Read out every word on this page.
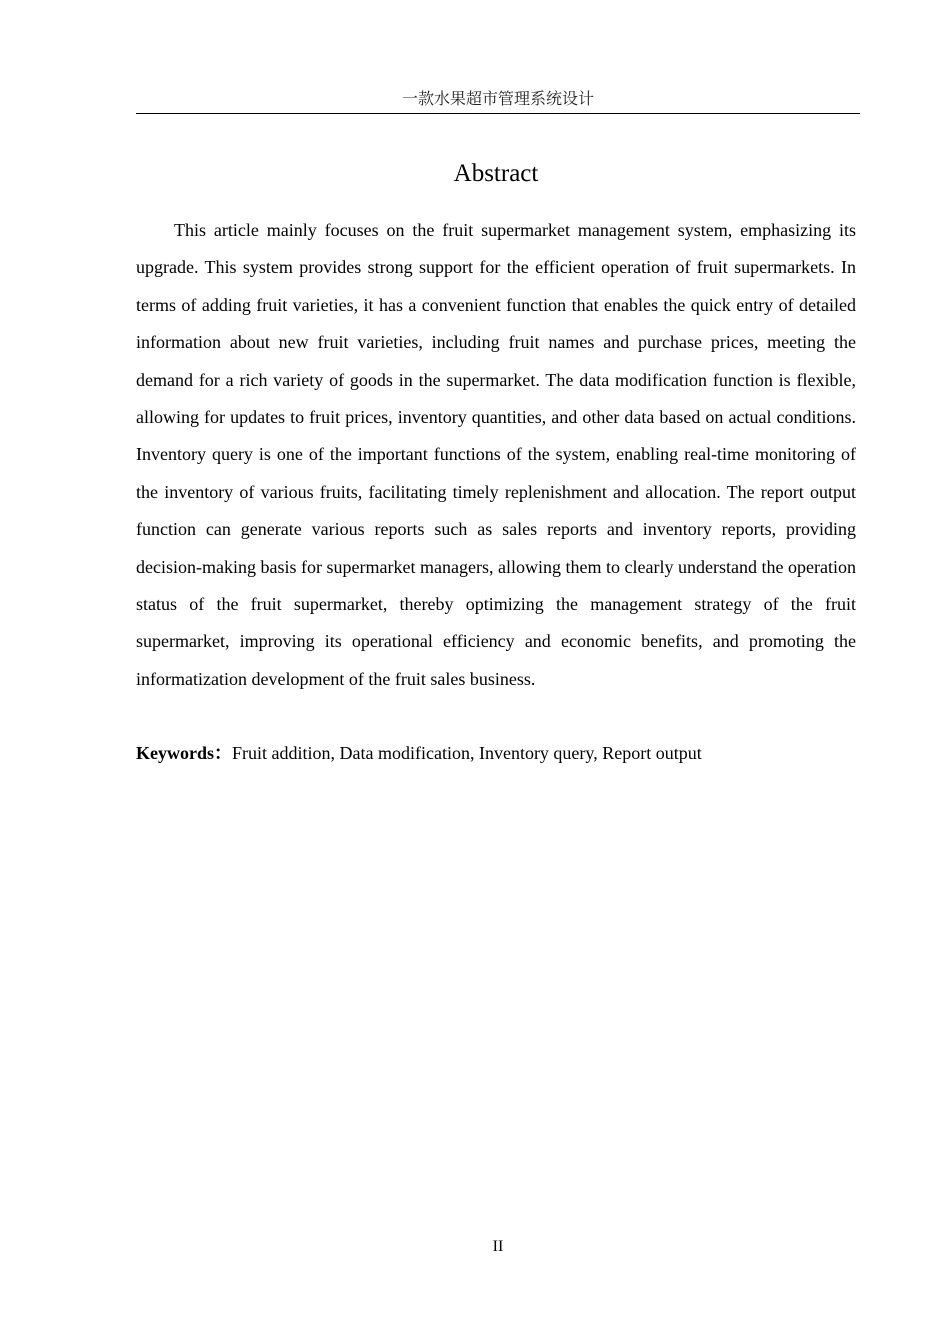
一款水果超市管理系统设计
Abstract

This article mainly focuses on the fruit supermarket management system, emphasizing its upgrade. This system provides strong support for the efficient operation of fruit supermarkets. In terms of adding fruit varieties, it has a convenient function that enables the quick entry of detailed information about new fruit varieties, including fruit names and purchase prices, meeting the demand for a rich variety of goods in the supermarket. The data modification function is flexible, allowing for updates to fruit prices, inventory quantities, and other data based on actual conditions. Inventory query is one of the important functions of the system, enabling real-time monitoring of the inventory of various fruits, facilitating timely replenishment and allocation. The report output function can generate various reports such as sales reports and inventory reports, providing decision-making basis for supermarket managers, allowing them to clearly understand the operation status of the fruit supermarket, thereby optimizing the management strategy of the fruit supermarket, improving its operational efficiency and economic benefits, and promoting the informatization development of the fruit sales business.

Keywords：Fruit addition, Data modification, Inventory query, Report output
II
